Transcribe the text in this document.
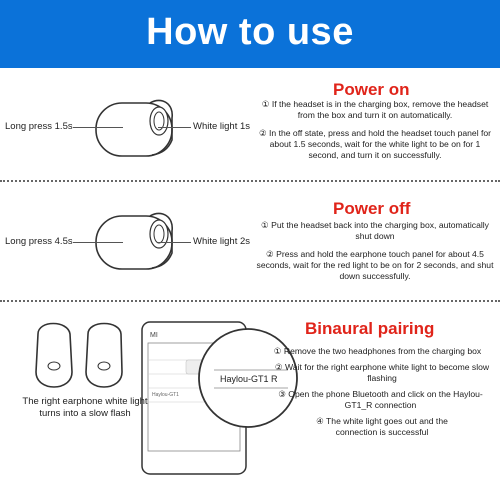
How to use
Power on
① If the headset is in the charging box, remove the headset from the box and turn it on automatically.
② In the off state, press and hold the headset touch panel for about 1.5 seconds, wait for the white light to be on for 1 second, and turn it on successfully.
Long press 1.5s	White light 1s
Power off
① Put the headset back into the charging box, automatically shut down
② Press and hold the earphone touch panel for about 4.5 seconds, wait for the red light to be on for 2 seconds, and shut down successfully.
Long press 4.5s	White light 2s
Binaural pairing
The right earphone white light turns into a slow flash
MI
Haylou-GT1
Haylou-GT1 R
① Remove the two headphones from the charging box
② Wait for the right earphone white light to become slow flashing
③ Open the phone Bluetooth and click on the Haylou-GT1_R connection
④ The white light goes out and the connection is successful
